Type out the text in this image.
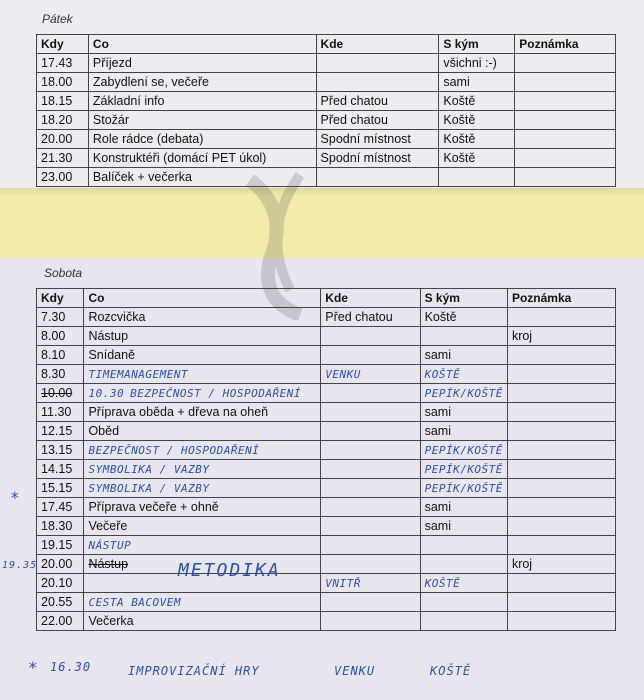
Pátek
Kdy	Co	Kde	S kým	Poznámka
17.43	Příjezd		všichni :-)	
18.00	Zabydlení se, večeře		sami	
18.15	Základní info	Před chatou	Koště	
18.20	Stožár	Před chatou	Koště	
20.00	Role rádce (debata)	Spodní místnost	Koště	
21.30	Konstruktéři (domácí PET úkol)	Spodní místnost	Koště	
23.00	Balíček + večerka			
Sobota
Kdy	Co	Kde	S kým	Poznámka
7.30	Rozcvička	Před chatou	Koště	
8.00	Nástup			kroj
8.10	Snídaně		sami	
8.30	TIMEMANAGEMENT	VENKU	KOŠTĚ	
10.00	10.30 BEZPEČNOST / HOSPODAŘENÍ		PEPÍK/KOŠTĚ	
11.30	Příprava oběda + dřeva na oheň		sami	
12.15	Oběd		sami	
13.15	BEZPEČNOST / HOSPODAŘENÍ		PEPÍK/KOŠTĚ	
14.15	SYMBOLIKA / VAZBY		PEPÍK/KOŠTĚ	
15.15	SYMBOLIKA / VAZBY		PEPÍK/KOŠTĚ	
17.45	Příprava večeře + ohně		sami	
18.30	Večeře		sami	
19.15	NÁSTUP			
20.00	Nástup			kroj
20.10		VNITŘ	KOŠTĚ	
20.55	CESTA BACOVEM			
22.00	Večerka			
METODIKA
19.35
*
* 16.30	IMPROVIZAČNÍ HRY	VENKU	KOŠTĚ
